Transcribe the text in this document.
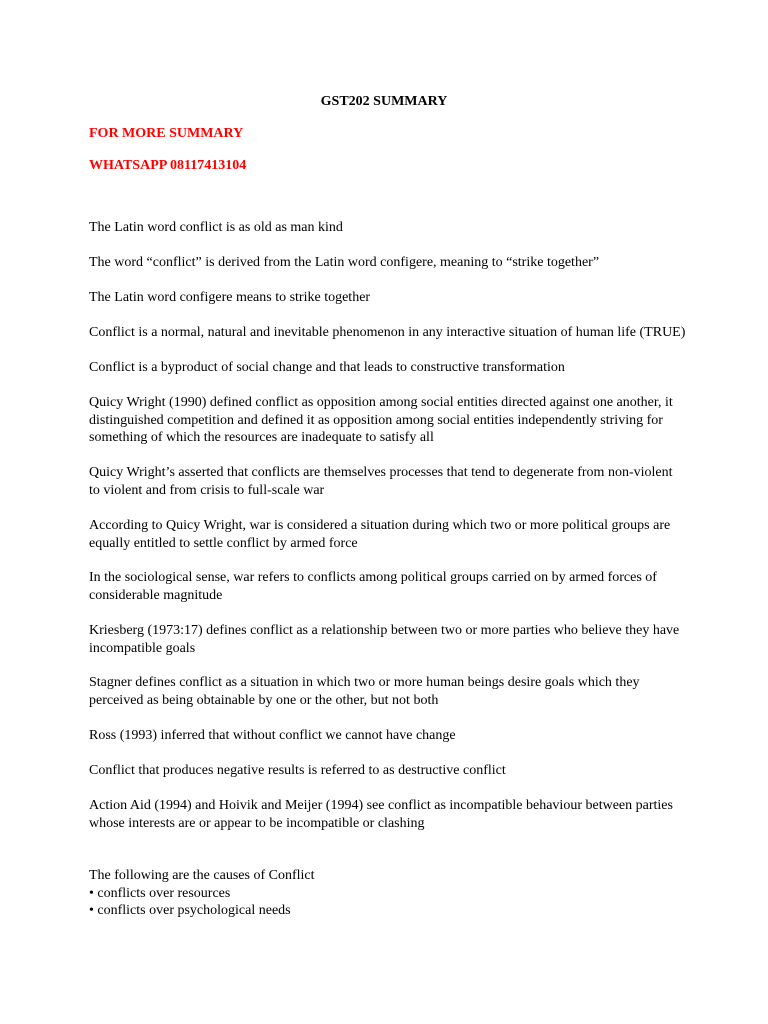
GST202 SUMMARY
FOR MORE SUMMARY
WHATSAPP 08117413104
The Latin word conflict is as old as man kind
The word “conflict” is derived from the Latin word configere, meaning to “strike together”
The Latin word configere means to strike together
Conflict is a normal, natural and inevitable phenomenon in any interactive situation of human life (TRUE)
Conflict is a byproduct of social change and that leads to constructive transformation
Quicy Wright (1990) defined conflict as opposition among social entities directed against one another, it
distinguished competition and defined it as opposition among social entities independently striving for
something of which the resources are inadequate to satisfy all
Quicy Wright’s asserted that conflicts are themselves processes that tend to degenerate from non-violent
to violent and from crisis to full-scale war
According to Quicy Wright, war is considered a situation during which two or more political groups are
equally entitled to settle conflict by armed force
In the sociological sense, war refers to conflicts among political groups carried on by armed forces of
considerable magnitude
Kriesberg (1973:17) defines conflict as a relationship between two or more parties who believe they have
incompatible goals
Stagner defines conflict as a situation in which two or more human beings desire goals which they
perceived as being obtainable by one or the other, but not both
Ross (1993) inferred that without conflict we cannot have change
Conflict that produces negative results is referred to as destructive conflict
Action Aid (1994) and Hoivik and Meijer (1994) see conflict as incompatible behaviour between parties
whose interests are or appear to be incompatible or clashing
The following are the causes of Conflict
• conflicts over resources
• conflicts over psychological needs
